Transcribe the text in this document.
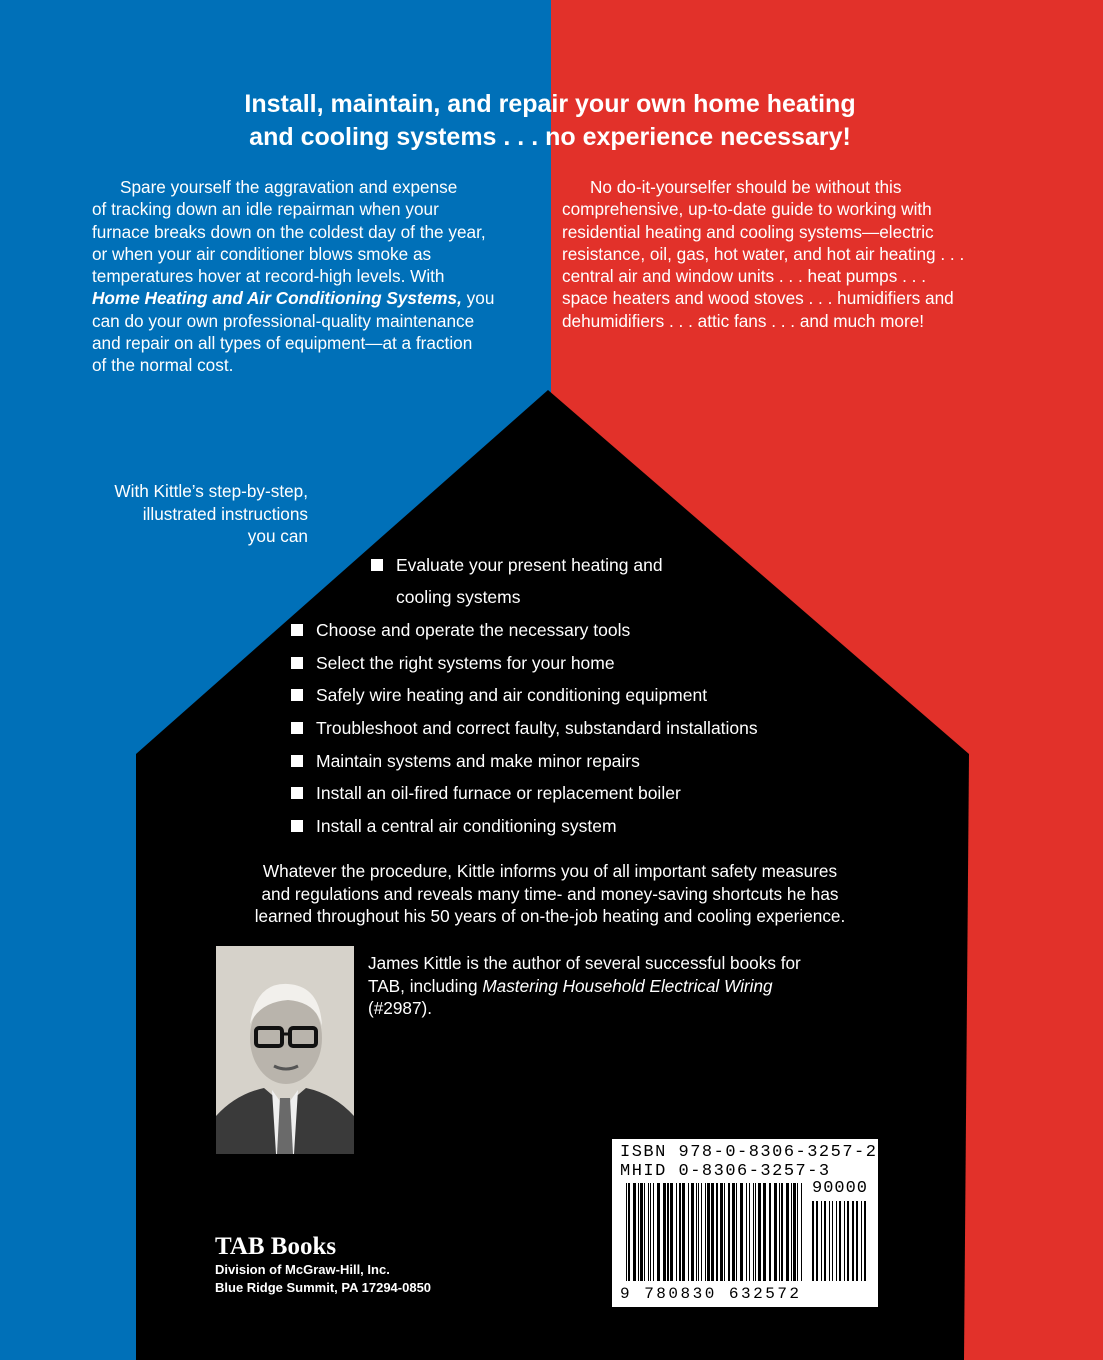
Install, maintain, and repair your own home heating
and cooling systems . . . no experience necessary!

Spare yourself the aggravation and expense

of tracking down an idle repairman when your

furnace breaks down on the coldest day of the year,

or when your air conditioner blows smoke as

temperatures hover at record-high levels. With

Home Heating and Air Conditioning Systems, you

can do your own professional-quality maintenance

and repair on all types of equipment—at a fraction

of the normal cost.

No do-it-yourselfer should be without this

comprehensive, up-to-date guide to working with

residential heating and cooling systems—electric

resistance, oil, gas, hot water, and hot air heating . . .

central air and window units . . . heat pumps . . .

space heaters and wood stoves . . . humidifiers and

dehumidifiers . . . attic fans . . . and much more!

With Kittle’s step-by-step,
illustrated instructions
you can
Evaluate your present heating and
cooling systems
Choose and operate the necessary tools
Select the right systems for your home
Safely wire heating and air conditioning equipment
Troubleshoot and correct faulty, substandard installations
Maintain systems and make minor repairs
Install an oil-fired furnace or replacement boiler
Install a central air conditioning system
Whatever the procedure, Kittle informs you of all important safety measures
and regulations and reveals many time- and money-saving shortcuts he has
learned throughout his 50 years of on-the-job heating and cooling experience.
James Kittle is the author of several successful books for
TAB, including Mastering Household Electrical Wiring
(#2987).
TAB Books
Division of McGraw-Hill, Inc.
Blue Ridge Summit, PA 17294-0850
ISBN 978-0-8306-3257-2
MHID 0-8306-3257-3
90000
9 780830 632572
